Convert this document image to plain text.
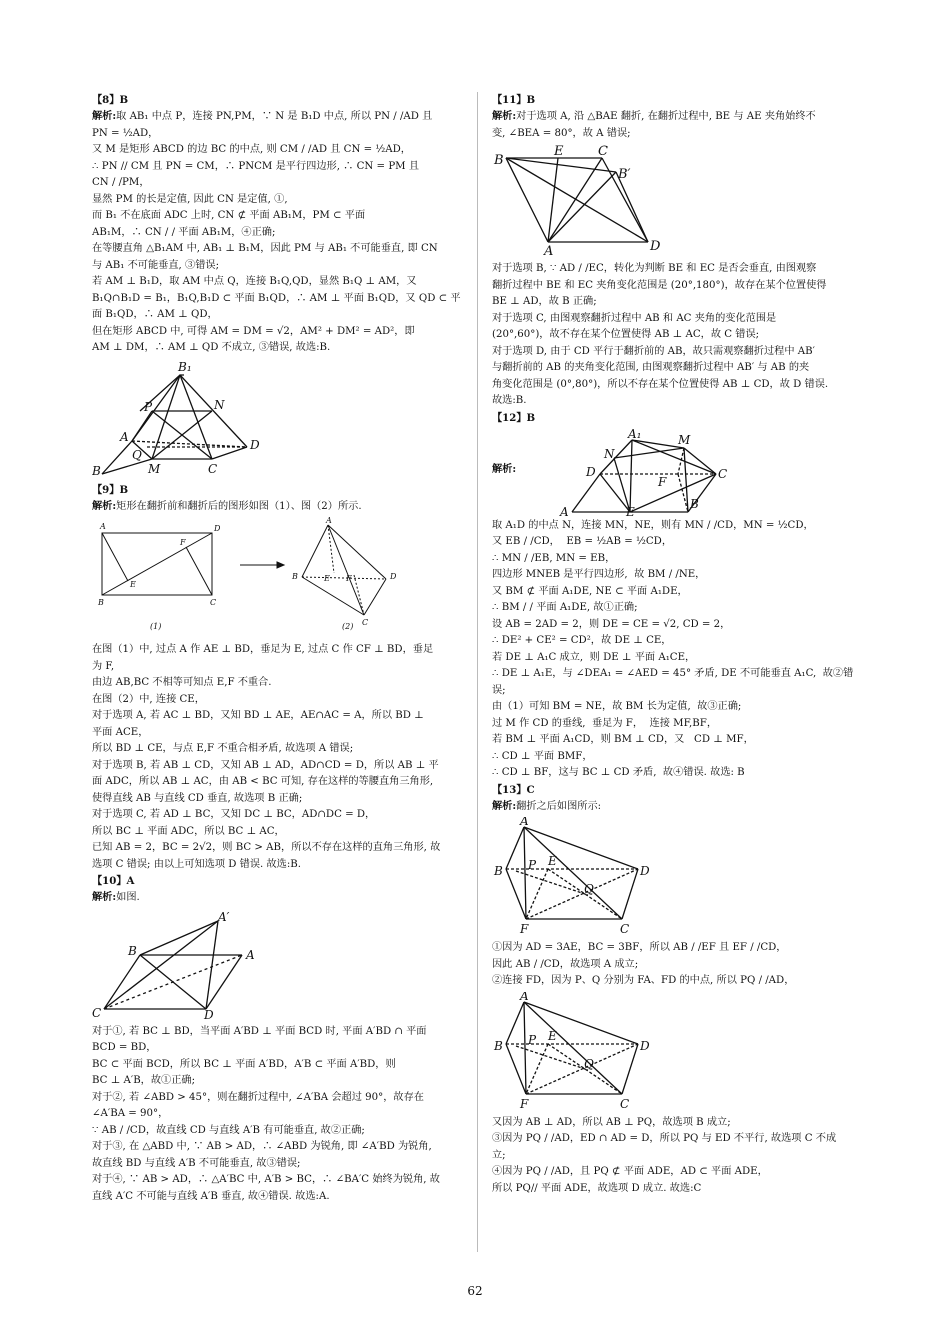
【8】B
解析:取 AB₁ 中点 P，连接 PN,PM，∵ N 是 B₁D 中点, 所以 PN / /AD 且
PN = ½AD，
又 M 是矩形 ABCD 的边 BC 的中点, 则 CM / /AD 且 CN = ½AD，
∴ PN // CM 且 PN = CM，∴ PNCM 是平行四边形, ∴ CN = PM 且
CN / /PM，
显然 PM 的长是定值, 因此 CN 是定值, ①,
而 B₁ 不在底面 ADC 上时, CN ⊄ 平面 AB₁M，PM ⊂ 平面
AB₁M，∴ CN / / 平面 AB₁M，④正确;
在等腰直角 △B₁AM 中, AB₁ ⊥ B₁M，因此 PM 与 AB₁ 不可能垂直, 即 CN
与 AB₁ 不可能垂直, ③错误;
若 AM ⊥ B₁D，取 AM 中点 Q，连接 B₁Q,QD，显然 B₁Q ⊥ AM，又
B₁Q∩B₁D = B₁，B₁Q,B₁D ⊂ 平面 B₁QD，∴ AM ⊥ 平面 B₁QD，又 QD ⊂ 平
面 B₁QD，∴ AM ⊥ QD，
但在矩形 ABCD 中, 可得 AM = DM = √2，AM² + DM² = AD²，即
AM ⊥ DM，∴ AM ⊥ QD 不成立, ③错误, 故选:B.
B₁
P	N
A
D
Q
B	M	C
【9】B
解析:矩形在翻折前和翻折后的图形如图（1）、图（2）所示.
A
F
E
B	C
D
(1)
A
B	E F	D
C
(2)
在图（1）中, 过点 A 作 AE ⊥ BD，垂足为 E, 过点 C 作 CF ⊥ BD，垂足
为 F,
由边 AB,BC 不相等可知点 E,F 不重合.
在图（2）中, 连接 CE，
对于选项 A, 若 AC ⊥ BD，又知 BD ⊥ AE，AE∩AC = A，所以 BD ⊥
平面 ACE，
所以 BD ⊥ CE，与点 E,F 不重合相矛盾, 故选项 A 错误;
对于选项 B, 若 AB ⊥ CD，又知 AB ⊥ AD，AD∩CD = D，所以 AB ⊥ 平
面 ADC，所以 AB ⊥ AC，由 AB < BC 可知, 存在这样的等腰直角三角形,
使得直线 AB 与直线 CD 垂直, 故选项 B 正确;
对于选项 C, 若 AD ⊥ BC，又知 DC ⊥ BC，AD∩DC = D，
所以 BC ⊥ 平面 ADC，所以 BC ⊥ AC，
已知 AB = 2，BC = 2√2，则 BC > AB，所以不存在这样的直角三角形, 故
选项 C 错误; 由以上可知选项 D 错误. 故选:B.
【10】A
解析:如图.
A′
B	A
C	D
对于①, 若 BC ⊥ BD，当平面 A′BD ⊥ 平面 BCD 时, 平面 A′BD ∩ 平面
BCD = BD，
BC ⊂ 平面 BCD，所以 BC ⊥ 平面 A′BD，A′B ⊂ 平面 A′BD，则
BC ⊥ A′B，故①正确;
对于②, 若 ∠ABD > 45°，则在翻折过程中, ∠A′BA 会超过 90°，故存在
∠A′BA = 90°，
∵ AB / /CD，故直线 CD 与直线 A′B 有可能垂直, 故②正确;
对于③, 在 △ABD 中, ∵ AB > AD，∴ ∠ABD 为锐角, 即 ∠A′BD 为锐角,
故直线 BD 与直线 A′B 不可能垂直, 故③错误;
对于④, ∵ AB > AD，∴ △A′BC 中, A′B > BC，∴ ∠BA′C 始终为锐角, 故
直线 A′C 不可能与直线 A′B 垂直, 故④错误. 故选:A.
【11】B
解析:对于选项 A, 沿 △BAE 翻折, 在翻折过程中, BE 与 AE 夹角始终不
变, ∠BEA = 80°，故 A 错误;
B
E	C
B′
A	D
对于选项 B, ∵ AD / /EC，转化为判断 BE 和 EC 是否会垂直, 由图观察
翻折过程中 BE 和 EC 夹角变化范围是 (20°,180°)，故存在某个位置使得
BE ⊥ AD，故 B 正确;
对于选项 C, 由图观察翻折过程中 AB 和 AC 夹角的变化范围是
(20°,60°)，故不存在某个位置使得 AB ⊥ AC，故 C 错误;
对于选项 D, 由于 CD 平行于翻折前的 AB，故只需观察翻折过程中 AB′
与翻折前的 AB 的夹角变化范围, 由图观察翻折过程中 AB′ 与 AB 的夹
角变化范围是 (0°,80°)，所以不存在某个位置使得 AB ⊥ CD，故 D 错误.
故选:B.
【12】B
解析:
A₁
N
M
D
F
C
A	E
B
取 A₁D 的中点 N，连接 MN，NE，则有 MN / /CD，MN = ½CD，
又 EB / /CD，  EB = ½AB = ½CD，
∴ MN / /EB, MN = EB，
四边形 MNEB 是平行四边形,  故 BM / /NE，
又 BM ⊄ 平面 A₁DE, NE ⊂ 平面 A₁DE，
∴ BM / / 平面 A₁DE, 故①正确;
设 AB = 2AD = 2，则 DE = CE = √2, CD = 2，
∴ DE² + CE² = CD²，故 DE ⊥ CE，
若 DE ⊥ A₁C 成立,  则 DE ⊥ 平面 A₁CE，
∴ DE ⊥ A₁E，与 ∠DEA₁ = ∠AED = 45° 矛盾, DE 不可能垂直 A₁C,  故②错
误;
由（1）可知 BM = NE，故 BM 长为定值,  故③正确;
过 M 作 CD 的垂线,  垂足为 F，  连接 MF,BF，
若 BM ⊥ 平面 A₁CD，则 BM ⊥ CD，又   CD ⊥ MF，
∴ CD ⊥ 平面 BMF，
∴ CD ⊥ BF，这与 BC ⊥ CD 矛盾,  故④错误. 故选: B
【13】C
解析:翻折之后如图所示:
A
B P E
Q
D
F	C
①因为 AD = 3AE，BC = 3BF，所以 AB / /EF 且 EF / /CD，
因此 AB / /CD，故选项 A 成立;
②连接 FD，因为 P、Q 分别为 FA、FD 的中点, 所以 PQ / /AD，
A
B P E
Q
D
F	C
又因为 AB ⊥ AD，所以 AB ⊥ PQ，故选项 B 成立;
③因为 PQ / /AD，ED ∩ AD = D，所以 PQ 与 ED 不平行, 故选项 C 不成
立;
④因为 PQ / /AD，且 PQ ⊄ 平面 ADE，AD ⊂ 平面 ADE，
所以 PQ// 平面 ADE，故选项 D 成立. 故选:C
62
